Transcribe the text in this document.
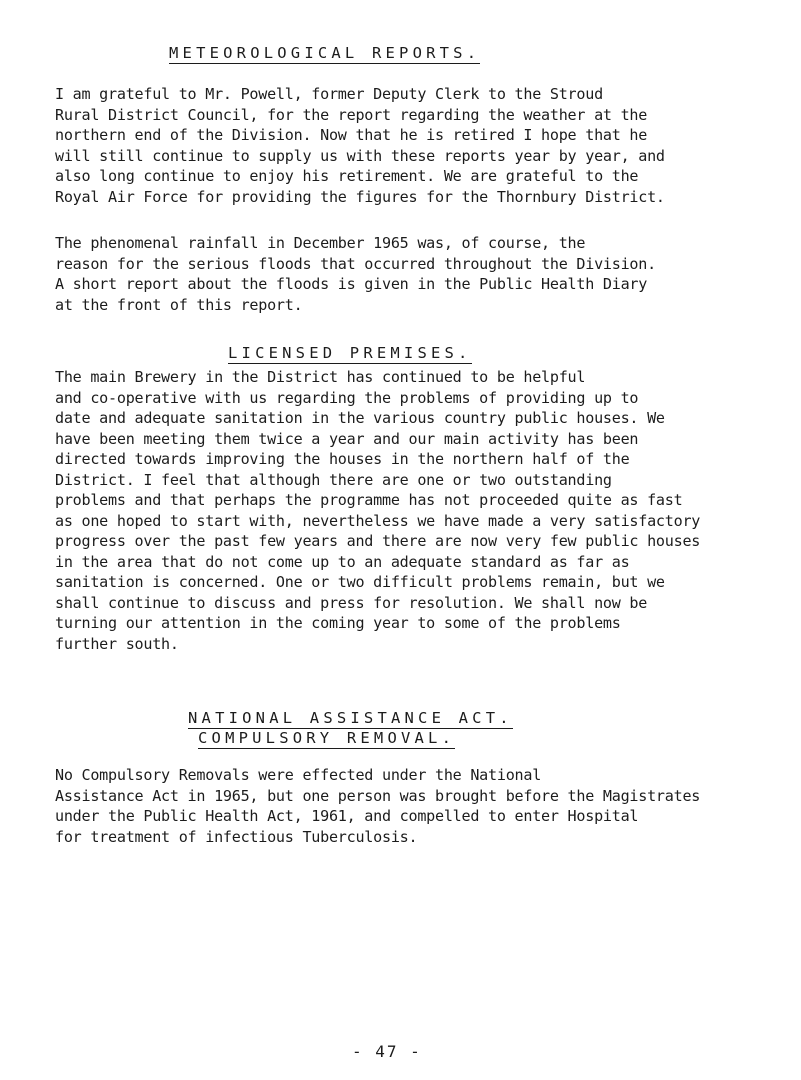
METEOROLOGICAL REPORTS.
I am grateful to Mr. Powell, former Deputy Clerk to the Stroud
Rural District Council, for the report regarding the weather at the
northern end of the Division. Now that he is retired I hope that he
will still continue to supply us with these reports year by year, and
also long continue to enjoy his retirement. We are grateful to the
Royal Air Force for providing the figures for the Thornbury District.
The phenomenal rainfall in December 1965 was, of course, the
reason for the serious floods that occurred throughout the Division.
A short report about the floods is given in the Public Health Diary
at the front of this report.
LICENSED PREMISES.
The main Brewery in the District has continued to be helpful
and co-operative with us regarding the problems of providing up to
date and adequate sanitation in the various country public houses. We
have been meeting them twice a year and our main activity has been
directed towards improving the houses in the northern half of the
District. I feel that although there are one or two outstanding
problems and that perhaps the programme has not proceeded quite as fast
as one hoped to start with, nevertheless we have made a very satisfactory
progress over the past few years and there are now very few public houses
in the area that do not come up to an adequate standard as far as
sanitation is concerned. One or two difficult problems remain, but we
shall continue to discuss and press for resolution. We shall now be
turning our attention in the coming year to some of the problems
further south.
NATIONAL ASSISTANCE ACT.
COMPULSORY REMOVAL.
No Compulsory Removals were effected under the National
Assistance Act in 1965, but one person was brought before the Magistrates
under the Public Health Act, 1961, and compelled to enter Hospital
for treatment of infectious Tuberculosis.
- 47 -
